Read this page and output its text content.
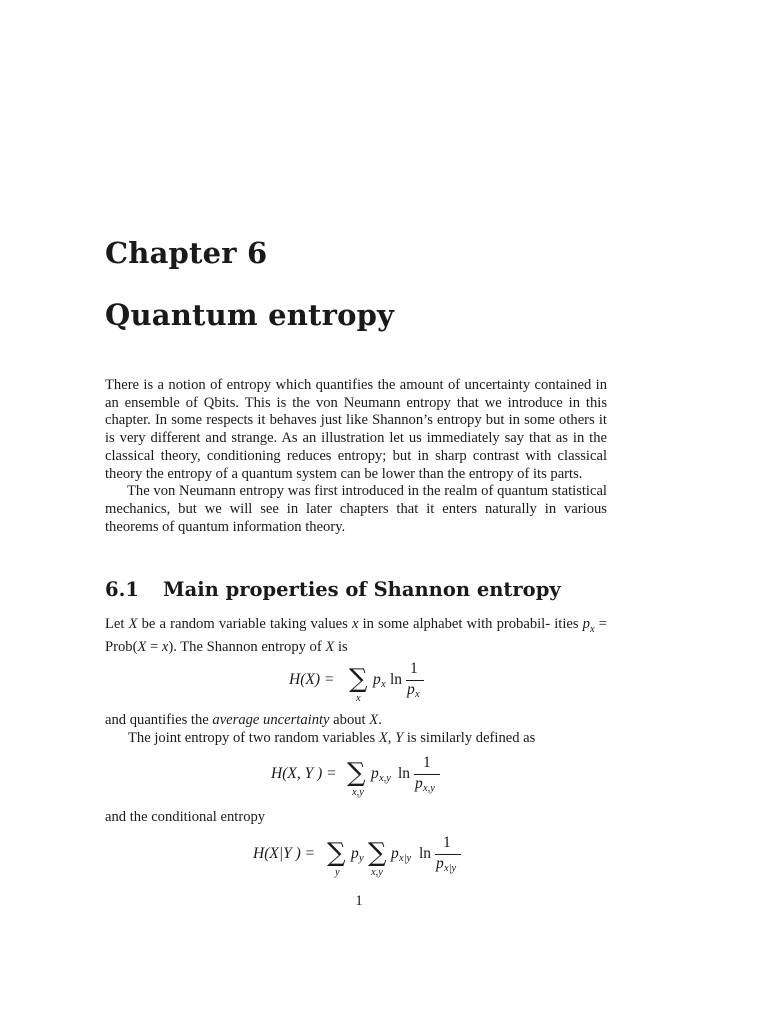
Chapter 6
Quantum entropy

There is a notion of entropy which quantifies the amount of uncertainty contained in an ensemble of Qbits. This is the von Neumann entropy that we introduce in this chapter. In some respects it behaves just like Shannon’s entropy but in some others it is very different and strange. As an illustration let us immediately say that as in the classical theory, conditioning reduces entropy; but in sharp contrast with classical theory the entropy of a quantum system can be lower than the entropy of its parts.

The von Neumann entropy was first introduced in the realm of quantum statistical mechanics, but we will see in later chapters that it enters naturally in various theorems of quantum information theory.

6.1 Main properties of Shannon entropy

Let X be a random variable taking values x in some alphabet with probabil- ities $p_x$ = Prob(X = x). The Shannon entropy of X is

H(X) = ∑
x
p x ln
1
p x

and quantifies the average uncertainty about X.

The joint entropy of two random variables X, Y is similarly defined as

H(X, Y ) = ∑
x,y
p x,y ln
1
p x,y

and the conditional entropy

H(X|Y ) = ∑
y
p y ∑
x,y
p x|y ln
1
p x|y
1
